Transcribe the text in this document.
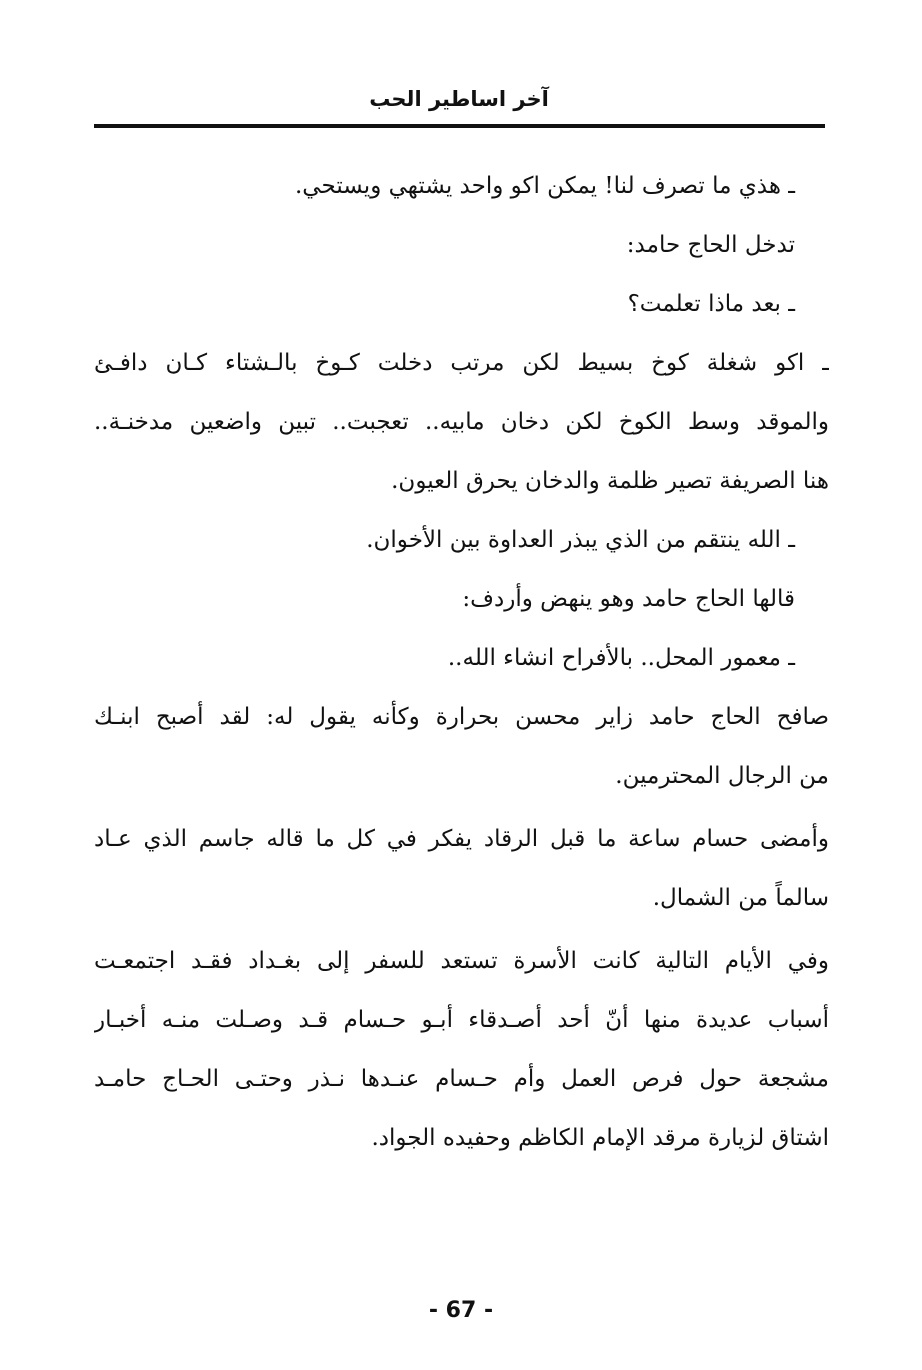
آخر اساطير الحب
ـ هذي ما تصرف لنا! يمكن اكو واحد يشتهي ويستحي.
تدخل الحاج حامد:
ـ بعد ماذا تعلمت؟
ـ اكو شغلة كوخ بسيط لكن مرتب دخلت كـوخ بالـشتاء كـان دافـئ
والموقد وسط الكوخ لكن دخان مابيه.. تعجبت.. تبين واضعين مدخنـة..
هنا الصريفة تصير ظلمة والدخان يحرق العيون.
ـ الله ينتقم من الذي يبذر العداوة بين الأخوان.
قالها الحاج حامد وهو ينهض وأردف:
ـ معمور المحل.. بالأفراح انشاء الله..
صافح الحاج حامد زاير محسن بحرارة وكأنه يقول له: لقد أصبح ابنـك
من الرجال المحترمين.
وأمضى حسام ساعة ما قبل الرقاد يفكر في كل ما قاله جاسم الذي عـاد
سالماً من الشمال.
وفي الأيام التالية كانت الأسرة تستعد للسفر إلى بغـداد فقـد اجتمعـت
أسباب عديدة منها أنّ أحد أصـدقاء أبـو حـسام قـد وصـلت منـه أخبـار
مشجعة حول فرص العمل وأم حـسام عنـدها نـذر وحتـى الحـاج حامـد
اشتاق لزيارة مرقد الإمام الكاظم وحفيده الجواد.
- 67 -
